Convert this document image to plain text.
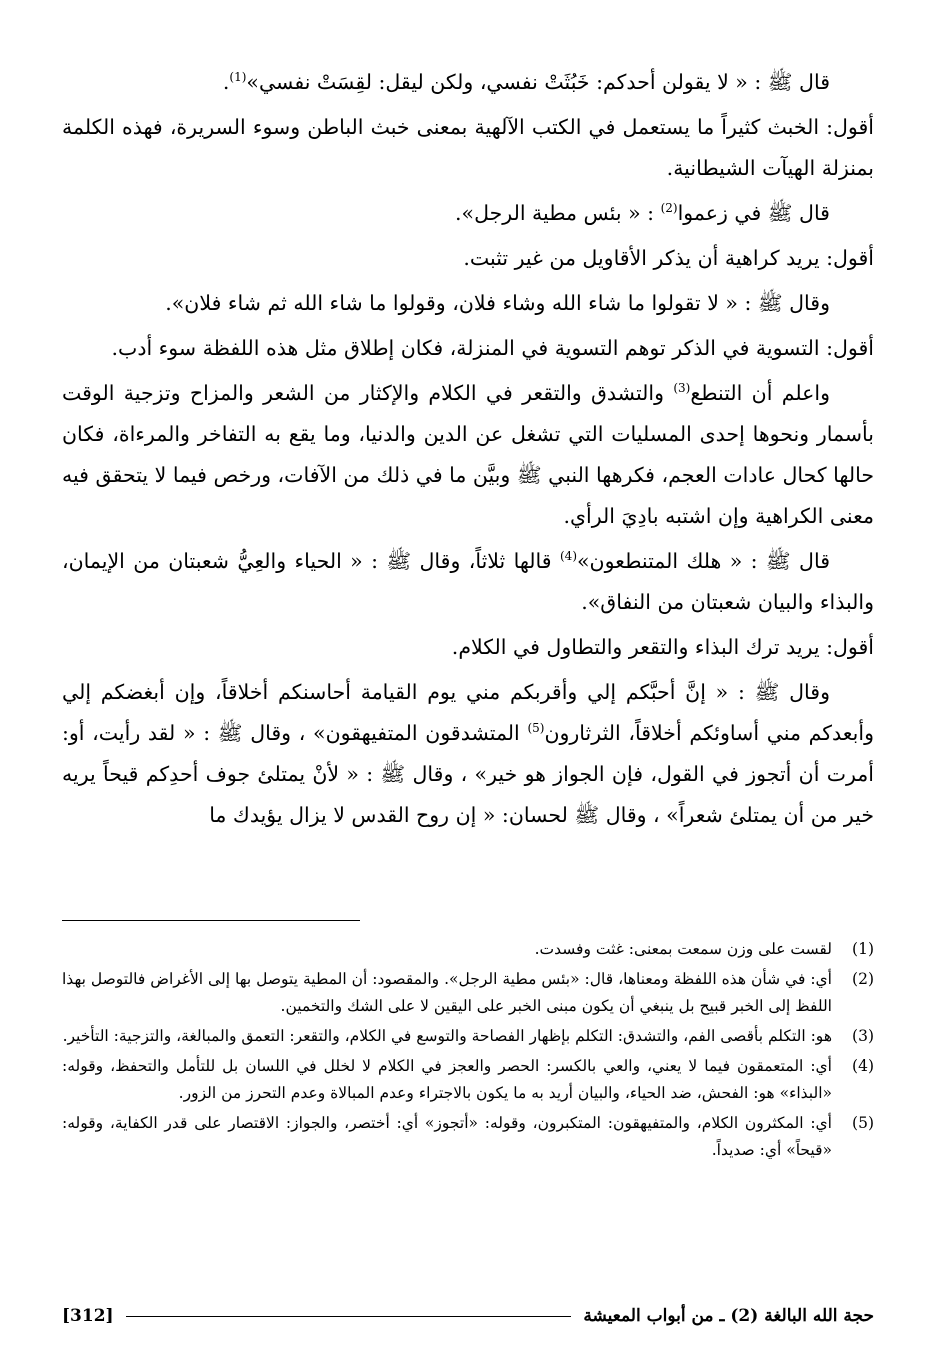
قال ﷺ : « لا يقولن أحدكم: خَبُثَتْ نفسي، ولكن ليقل: لقِسَتْ نفسي»$^{(1)}$.

أقول: الخبث كثيراً ما يستعمل في الكتب الآلهية بمعنى خبث الباطن وسوء السريرة، فهذه الكلمة بمنزلة الهيآت الشيطانية.

قال ﷺ في زعموا$^{(2)}$ : « بئس مطية الرجل».

أقول: يريد كراهية أن يذكر الأقاويل من غير تثبت.

وقال ﷺ : « لا تقولوا ما شاء الله وشاء فلان، وقولوا ما شاء الله ثم شاء فلان».

أقول: التسوية في الذكر توهم التسوية في المنزلة، فكان إطلاق مثل هذه اللفظة سوء أدب.

واعلم أن التنطع$^{(3)}$ والتشدق والتقعر في الكلام والإكثار من الشعر والمزاح وتزجية الوقت بأسمار ونحوها إحدى المسليات التي تشغل عن الدين والدنيا، وما يقع به التفاخر والمرءاة، فكان حالها كحال عادات العجم، فكرهها النبي ﷺ وبيَّن ما في ذلك من الآفات، ورخص فيما لا يتحقق فيه معنى الكراهية وإن اشتبه بادِيَ الرأي.

قال ﷺ : « هلك المتنطعون»$^{(4)}$ قالها ثلاثاً، وقال ﷺ : « الحياء والعِيُّ شعبتان من الإيمان، والبذاء والبيان شعبتان من النفاق».

أقول: يريد ترك البذاء والتقعر والتطاول في الكلام.

وقال ﷺ : « إنَّ أحبَّكم إلي وأقربكم مني يوم القيامة أحاسنكم أخلاقاً، وإن أبغضكم إلي وأبعدكم مني أساوئكم أخلاقاً، الثرثارون$^{(5)}$ المتشدقون المتفيهقون» ، وقال ﷺ : « لقد رأيت، أو: أمرت أن أتجوز في القول، فإن الجواز هو خير» ، وقال ﷺ : « لأنْ يمتلئ جوف أحدِكم قيحاً يريه خير من أن يمتلئ شعراً» ، وقال ﷺ لحسان: « إن روح القدس لا يزال يؤيدك ما

(1)
لقست على وزن سمعت بمعنى: غثت وفسدت.
(2)
أي: في شأن هذه اللفظة ومعناها، قال: «بئس مطية الرجل». والمقصود: أن المطية يتوصل بها إلى الأغراض فالتوصل بهذا اللفظ إلى الخبر قبيح بل ينبغي أن يكون مبنى الخبر على اليقين لا على الشك والتخمين.
(3)
هو: التكلم بأقصى الفم، والتشدق: التكلم بإظهار الفصاحة والتوسع في الكلام، والتقعر: التعمق والمبالغة، والتزجية: التأخير.
(4)
أي: المتعمقون فيما لا يعني، والعي بالكسر: الحصر والعجز في الكلام لا لخلل في اللسان بل للتأمل والتحفظ، وقوله: «البذاء» هو: الفحش، ضد الحياء، والبيان أريد به ما يكون بالاجتراء وعدم المبالاة وعدم التحرز من الزور.
(5)
أي: المكثرون الكلام، والمتفيهقون: المتكبرون، وقوله: «أتجوز» أي: أختصر، والجواز: الاقتصار على قدر الكفاية، وقوله: «قيحاً» أي: صديداً.
حجة الله البالغة (2) ـ من أبواب المعيشة
[312]
